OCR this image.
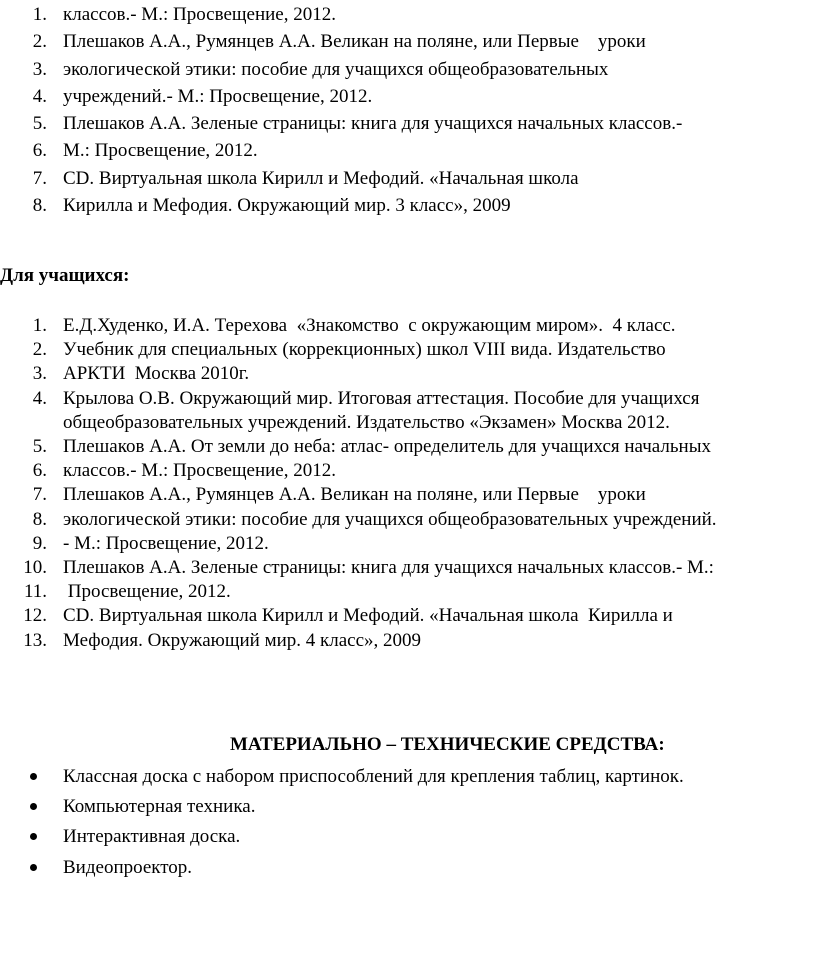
1. классов.- М.: Просвещение, 2012.
2. Плешаков А.А., Румянцев А.А. Великан на поляне, или Первые    уроки
3. экологической этики: пособие для учащихся общеобразовательных
4. учреждений.- М.: Просвещение, 2012.
5. Плешаков А.А. Зеленые страницы: книга для учащихся начальных классов.-
6. М.: Просвещение, 2012.
7. CD. Виртуальная школа Кирилл и Мефодий. «Начальная школа
8. Кирилла и Мефодия. Окружающий мир. 3 класс», 2009
Для учащихся:
1. Е.Д.Худенко, И.А. Терехова  «Знакомство  с окружающим миром».  4 класс.
2. Учебник для специальных (коррекционных) школ VIII вида. Издательство
3. АРКТИ  Москва 2010г.
4. Крылова О.В. Окружающий мир. Итоговая аттестация. Пособие для учащихся общеобразовательных учреждений. Издательство «Экзамен» Москва 2012.
5. Плешаков А.А. От земли до неба: атлас- определитель для учащихся начальных
6. классов.- М.: Просвещение, 2012.
7. Плешаков А.А., Румянцев А.А. Великан на поляне, или Первые    уроки
8. экологической этики: пособие для учащихся общеобразовательных учреждений.
9. - М.: Просвещение, 2012.
10. Плешаков А.А. Зеленые страницы: книга для учащихся начальных классов.- М.:
11. Просвещение, 2012.
12. CD. Виртуальная школа Кирилл и Мефодий. «Начальная школа  Кирилла и
13. Мефодия. Окружающий мир. 4 класс», 2009
МАТЕРИАЛЬНО – ТЕХНИЧЕСКИЕ СРЕДСТВА:
Классная доска с набором приспособлений для крепления таблиц, картинок.
Компьютерная техника.
Интерактивная доска.
Видеопроектор.
